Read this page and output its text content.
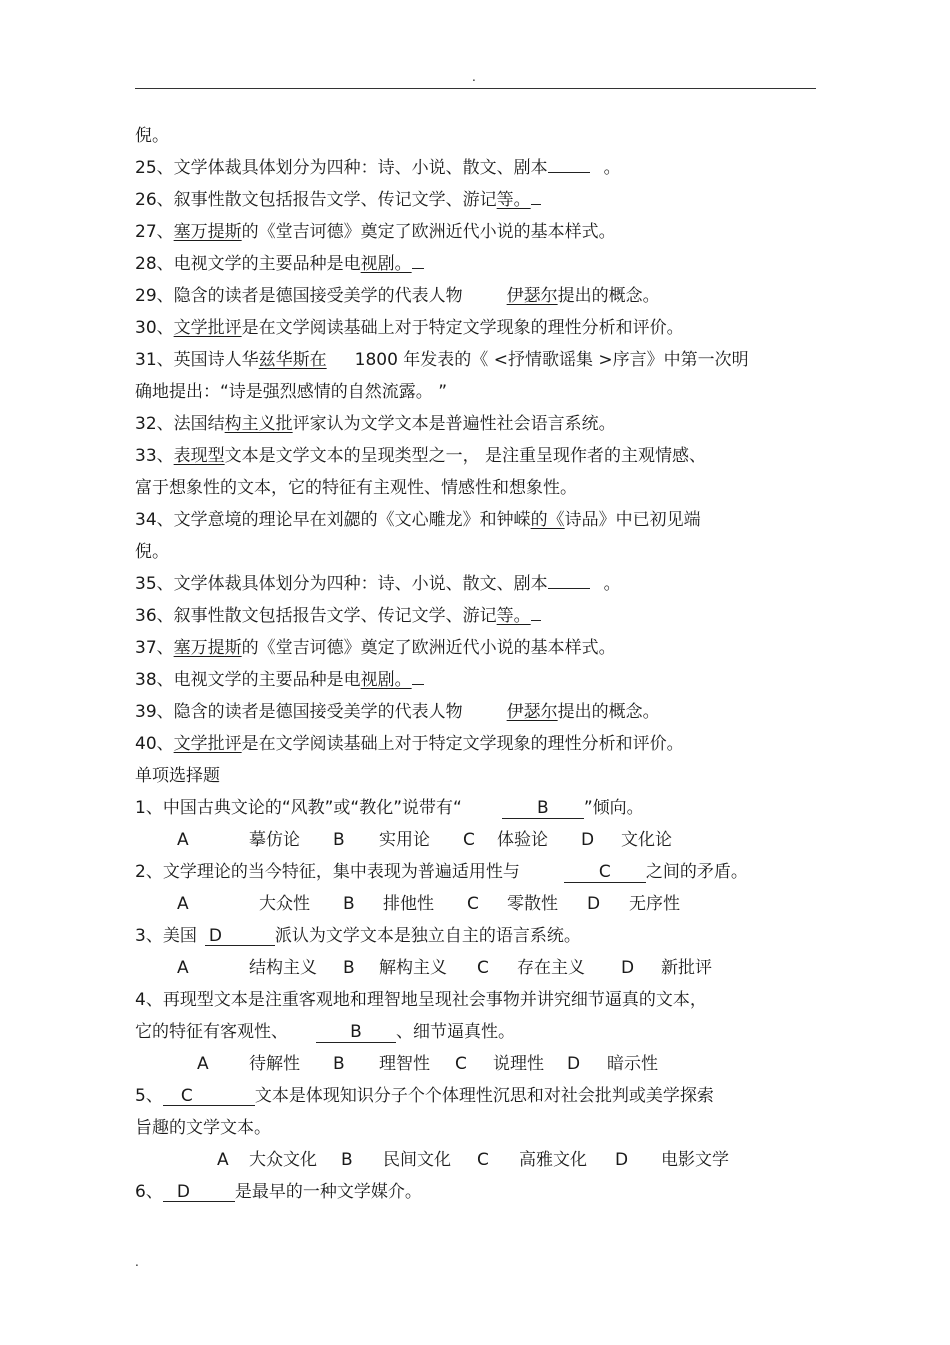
.
倪。
25、文学体裁具体划分为四种：诗、小说、散文、剧本	。
26、叙事性散文包括报告文学、传记文学、游记等。
27、塞万提斯的《堂吉诃德》奠定了欧洲近代小说的基本样式。
28、电视文学的主要品种是电视剧。
29、隐含的读者是德国接受美学的代表人物	伊瑟尔提出的概念。
30、文学批评是在文学阅读基础上对于特定文学现象的理性分析和评价。
31、英国诗人华兹华斯在 1800 年发表的《 <抒情歌谣集 >序言》中第一次明
确地提出：“诗是强烈感情的自然流露。 ”
32、法国结构主义批评家认为文学文本是普遍性社会语言系统。
33、表现型文本是文学文本的呈现类型之一， 是注重呈现作者的主观情感、
富于想象性的文本，它的特征有主观性、情感性和想象性。
34、文学意境的理论早在刘勰的《文心雕龙》和钟嵘的《诗品》中已初见端
倪。
35、文学体裁具体划分为四种：诗、小说、散文、剧本	。
36、叙事性散文包括报告文学、传记文学、游记等。
37、塞万提斯的《堂吉诃德》奠定了欧洲近代小说的基本样式。
38、电视文学的主要品种是电视剧。
39、隐含的读者是德国接受美学的代表人物	伊瑟尔提出的概念。
40、文学批评是在文学阅读基础上对于特定文学现象的理性分析和评价。
单项选择题
1、中国古典文论的“风教”或“教化”说带有“	B ”倾向。
A	摹仿论	B	实用论	C	体验论	D	文化论
2、文学理论的当今特征，集中表现为普遍适用性与	C 之间的矛盾。
A	大众性	B	排他性	C	零散性	D	无序性
3、美国 D	派认为文学文本是独立自主的语言系统。
A	结构主义	B	解构主义	C	存在主义	D	新批评
4、再现型文本是注重客观地和理智地呈现社会事物并讲究细节逼真的文本，
它的特征有客观性、	B 、细节逼真性。
A	待解性	B	理智性	C	说理性	D	暗示性
5、 C	文本是体现知识分子个个体理性沉思和对社会批判或美学探索
旨趣的文学文本。
A	大众文化	B	民间文化	C	高雅文化	D	电影文学
6、 D	是最早的一种文学媒介。
.
